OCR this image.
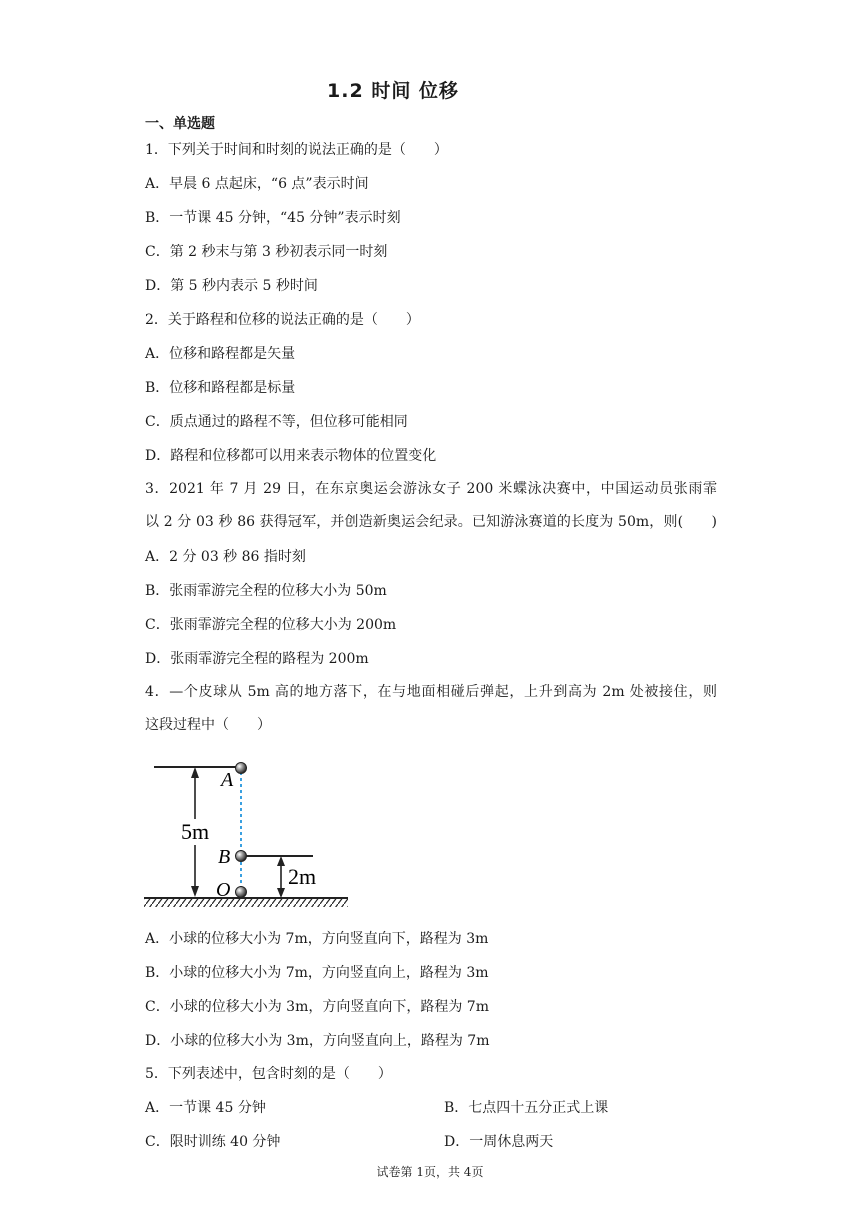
1.2 时间 位移
一、单选题
1．下列关于时间和时刻的说法正确的是（　　）
A．早晨 6 点起床，“6 点”表示时间
B．一节课 45 分钟，“45 分钟”表示时刻
C．第 2 秒末与第 3 秒初表示同一时刻
D．第 5 秒内表示 5 秒时间
2．关于路程和位移的说法正确的是（　　）
A．位移和路程都是矢量
B．位移和路程都是标量
C．质点通过的路程不等，但位移可能相同
D．路程和位移都可以用来表示物体的位置变化
3．2021 年 7 月 29 日，在东京奥运会游泳女子 200 米蝶泳决赛中，中国运动员张雨霏
以 2 分 03 秒 86 获得冠军，并创造新奥运会纪录。已知游泳赛道的长度为 50m，则(　　)
A．2 分 03 秒 86 指时刻
B．张雨霏游完全程的位移大小为 50m
C．张雨霏游完全程的位移大小为 200m
D．张雨霏游完全程的路程为 200m
4．—个皮球从 5m 高的地方落下，在与地面相碰后弹起，上升到高为 2m 处被接住，则
这段过程中（　　）
5m
2m
A
B
O
A．小球的位移大小为 7m，方向竖直向下，路程为 3m
B．小球的位移大小为 7m，方向竖直向上，路程为 3m
C．小球的位移大小为 3m，方向竖直向下，路程为 7m
D．小球的位移大小为 3m，方向竖直向上，路程为 7m
5．下列表述中，包含时刻的是（　　）
A．一节课 45 分钟	B．七点四十五分正式上课
C．限时训练 40 分钟	D．一周休息两天
试卷第 1页，共 4页
